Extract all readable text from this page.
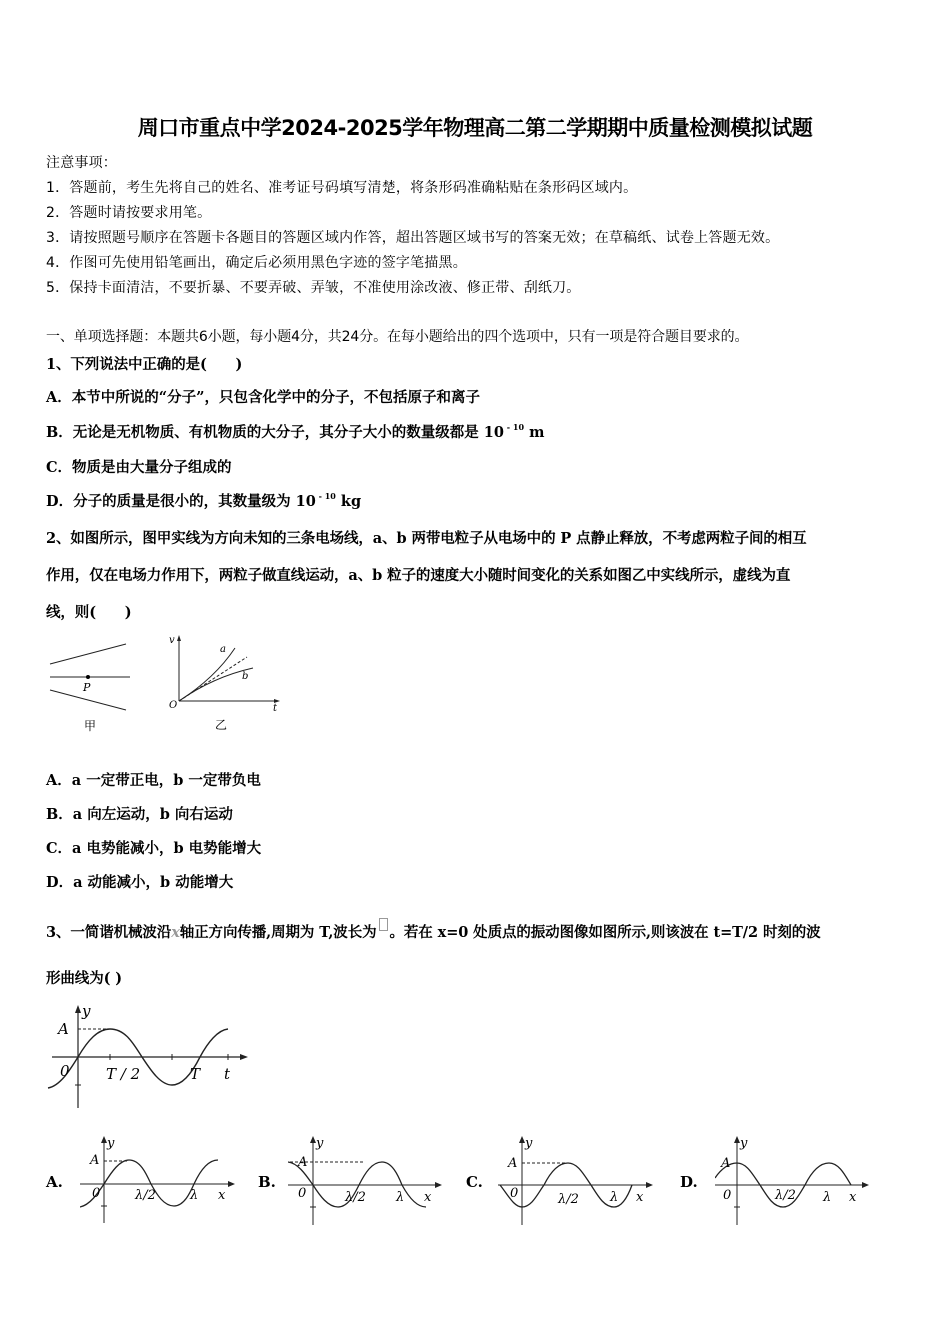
周口市重点中学2024-2025学年物理高二第二学期期中质量检测模拟试题
注意事项：
1．答题前，考生先将自己的姓名、准考证号码填写清楚，将条形码准确粘贴在条形码区域内。
2．答题时请按要求用笔。
3．请按照题号顺序在答题卡各题目的答题区域内作答，超出答题区域书写的答案无效；在草稿纸、试卷上答题无效。
4．作图可先使用铅笔画出，确定后必须用黑色字迹的签字笔描黑。
5．保持卡面清洁，不要折暴、不要弄破、弄皱，不准使用涂改液、修正带、刮纸刀。
一、单项选择题：本题共6小题，每小题4分，共24分。在每小题给出的四个选项中，只有一项是符合题目要求的。
1、下列说法中正确的是(　　)
A．本节中所说的“分子”，只包含化学中的分子，不包括原子和离子
B．无论是无机物质、有机物质的大分子，其分子大小的数量级都是 10 $^{- 10}$ m
C．物质是由大量分子组成的
D．分子的质量是很小的，其数量级为 10 $^{- 10}$ kg
2、如图所示，图甲实线为方向未知的三条电场线，a、b 两带电粒子从电场中的 P 点静止释放，不考虑两粒子间的相互
作用，仅在电场力作用下，两粒子做直线运动，a、b 粒子的速度大小随时间变化的关系如图乙中实线所示，虚线为直
线，则(　　)
P
甲
v
O	t
a
b
乙
A．a 一定带正电，b 一定带负电
B．a 向左运动，b 向右运动
C．a 电势能减小，b 电势能增大
D．a 动能减小，b 动能增大
3、一简谐机械波沿x轴正方向传播,周期为 T,波长为 。若在 x=0 处质点的振动图像如图所示,则该波在 t=T/2 时刻的波
形曲线为( )
y
A
0 T / 2	T t
A.
y
A
0	λ/2	λ x
B.
y
A
0	λ/2 λ x
C.
y
A
0	λ/2 λ x
D.
y
A
0	λ/2 λ x
